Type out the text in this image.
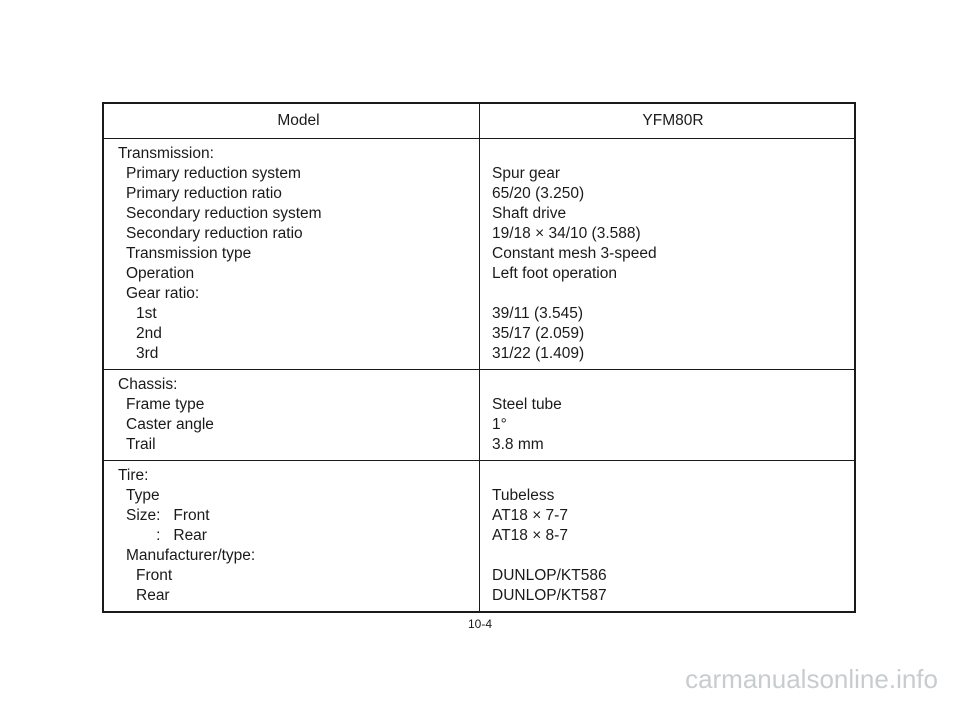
Model	YFM80R
Transmission:
Primary reduction system
Primary reduction ratio
Secondary reduction system
Secondary reduction ratio
Transmission type
Operation
Gear ratio:
1st
2nd
3rd
Spur gear
65/20 (3.250)
Shaft drive
19/18 × 34/10 (3.588)
Constant mesh 3-speed
Left foot operation
39/11 (3.545)
35/17 (2.059)
31/22 (1.409)
Chassis:
Frame type
Caster angle
Trail
Steel tube
1°
3.8 mm
Tire:
Type
Size:   Front
:   Rear
Manufacturer/type:
Front
Rear
Tubeless
AT18 × 7-7
AT18 × 8-7
DUNLOP/KT586
DUNLOP/KT587
10-4
carmanualsonline.info
